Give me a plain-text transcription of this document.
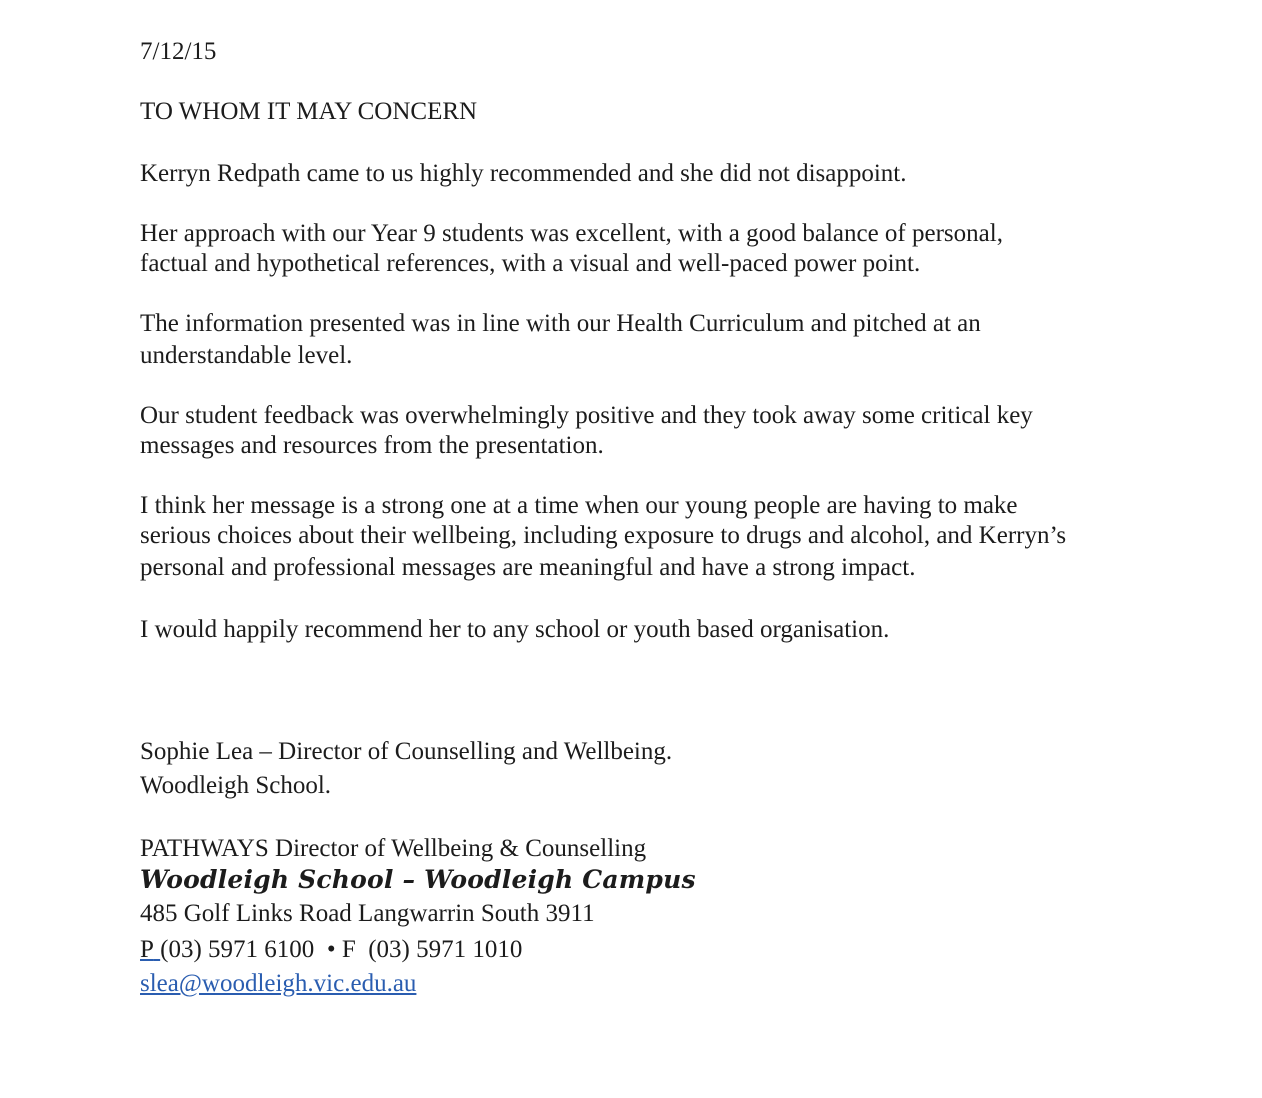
7/12/15
TO WHOM IT MAY CONCERN
Kerryn Redpath came to us highly recommended and she did not disappoint.
Her approach with our Year 9 students was excellent, with a good balance of personal,
factual and hypothetical references, with a visual and well-paced power point.
The information presented was in line with our Health Curriculum and pitched at an
understandable level.
Our student feedback was overwhelmingly positive and they took away some critical key
messages and resources from the presentation.
I think her message is a strong one at a time when our young people are having to make
serious choices about their wellbeing, including exposure to drugs and alcohol, and Kerryn’s
personal and professional messages are meaningful and have a strong impact.
I would happily recommend her to any school or youth based organisation.
Sophie Lea – Director of Counselling and Wellbeing.
Woodleigh School.
PATHWAYS Director of Wellbeing & Counselling
Woodleigh School – Woodleigh Campus
485 Golf Links Road Langwarrin South 3911
P (03) 5971 6100 • F (03) 5971 1010
slea@woodleigh.vic.edu.au
